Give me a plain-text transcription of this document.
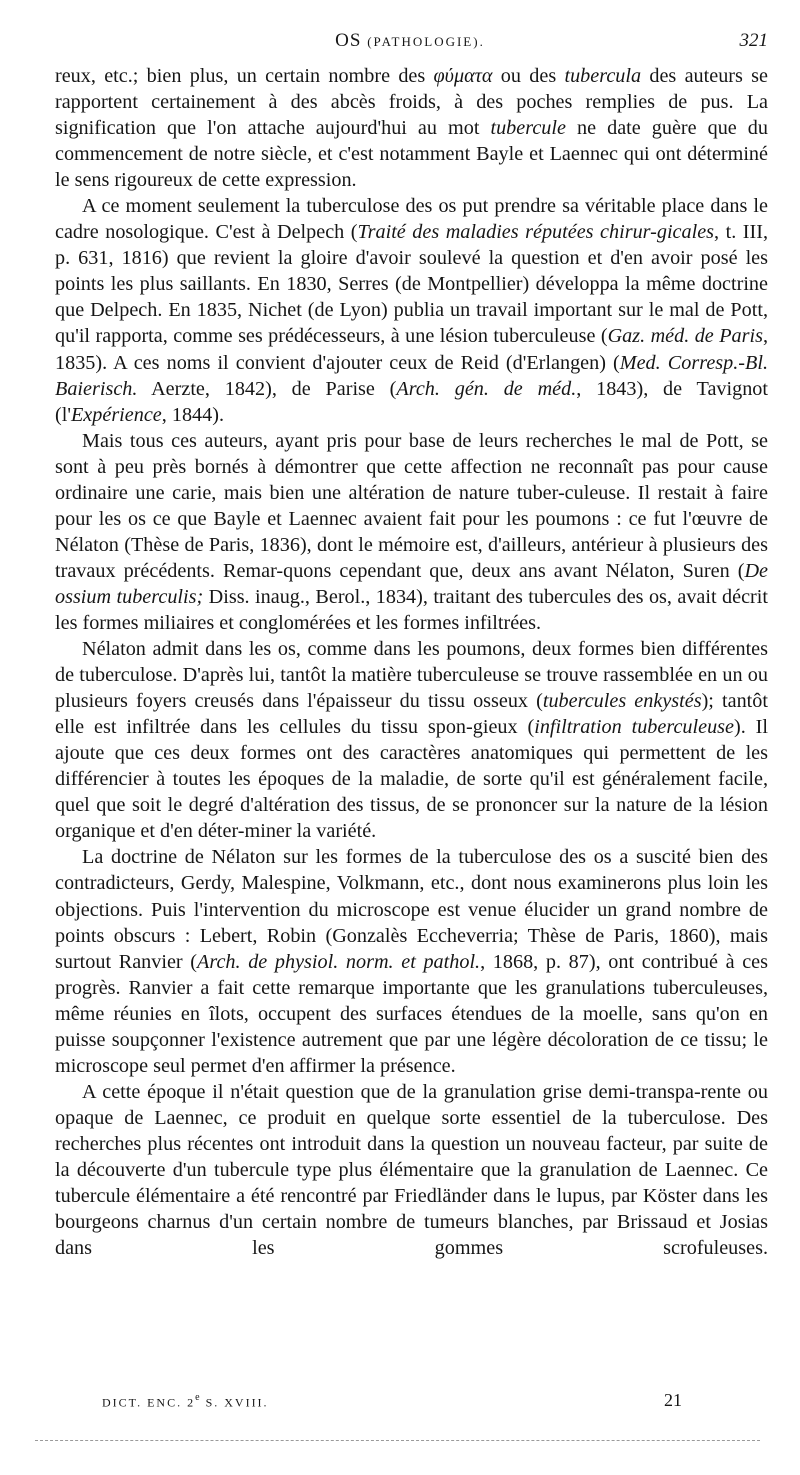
OS (PATHOLOGIE).	321

reux, etc.; bien plus, un certain nombre des φύματα ou des tubercula des auteurs se rapportent certainement à des abcès froids, à des poches remplies de pus. La signification que l'on attache aujourd'hui au mot tubercule ne date guère que du commencement de notre siècle, et c'est notamment Bayle et Laennec qui ont déterminé le sens rigoureux de cette expression.

A ce moment seulement la tuberculose des os put prendre sa véritable place dans le cadre nosologique. C'est à Delpech (Traité des maladies réputées chirur-gicales, t. III, p. 631, 1816) que revient la gloire d'avoir soulevé la question et d'en avoir posé les points les plus saillants. En 1830, Serres (de Montpellier) développa la même doctrine que Delpech. En 1835, Nichet (de Lyon) publia un travail important sur le mal de Pott, qu'il rapporta, comme ses prédécesseurs, à une lésion tuberculeuse (Gaz. méd. de Paris, 1835). A ces noms il convient d'ajouter ceux de Reid (d'Erlangen) (Med. Corresp.-Bl. Baierisch. Aerzte, 1842), de Parise (Arch. gén. de méd., 1843), de Tavignot (l'Expérience, 1844).

Mais tous ces auteurs, ayant pris pour base de leurs recherches le mal de Pott, se sont à peu près bornés à démontrer que cette affection ne reconnaît pas pour cause ordinaire une carie, mais bien une altération de nature tuber-culeuse. Il restait à faire pour les os ce que Bayle et Laennec avaient fait pour les poumons : ce fut l'œuvre de Nélaton (Thèse de Paris, 1836), dont le mémoire est, d'ailleurs, antérieur à plusieurs des travaux précédents. Remar-quons cependant que, deux ans avant Nélaton, Suren (De ossium tuberculis; Diss. inaug., Berol., 1834), traitant des tubercules des os, avait décrit les formes miliaires et conglomérées et les formes infiltrées.

Nélaton admit dans les os, comme dans les poumons, deux formes bien différentes de tuberculose. D'après lui, tantôt la matière tuberculeuse se trouve rassemblée en un ou plusieurs foyers creusés dans l'épaisseur du tissu osseux (tubercules enkystés); tantôt elle est infiltrée dans les cellules du tissu spon-gieux (infiltration tuberculeuse). Il ajoute que ces deux formes ont des caractères anatomiques qui permettent de les différencier à toutes les époques de la maladie, de sorte qu'il est généralement facile, quel que soit le degré d'altération des tissus, de se prononcer sur la nature de la lésion organique et d'en déter-miner la variété.

La doctrine de Nélaton sur les formes de la tuberculose des os a suscité bien des contradicteurs, Gerdy, Malespine, Volkmann, etc., dont nous examinerons plus loin les objections. Puis l'intervention du microscope est venue élucider un grand nombre de points obscurs : Lebert, Robin (Gonzalès Eccheverria; Thèse de Paris, 1860), mais surtout Ranvier (Arch. de physiol. norm. et pathol., 1868, p. 87), ont contribué à ces progrès. Ranvier a fait cette remarque importante que les granulations tuberculeuses, même réunies en îlots, occupent des surfaces étendues de la moelle, sans qu'on en puisse soupçonner l'existence autrement que par une légère décoloration de ce tissu; le microscope seul permet d'en affirmer la présence.

A cette époque il n'était question que de la granulation grise demi-transpa-rente ou opaque de Laennec, ce produit en quelque sorte essentiel de la tuberculose. Des recherches plus récentes ont introduit dans la question un nouveau facteur, par suite de la découverte d'un tubercule type plus élémentaire que la granulation de Laennec. Ce tubercule élémentaire a été rencontré par Friedländer dans le lupus, par Köster dans les bourgeons charnus d'un certain nombre de tumeurs blanches, par Brissaud et Josias dans les gommes scrofuleuses.

DICT. ENC. 2e S. XVIII.	21
